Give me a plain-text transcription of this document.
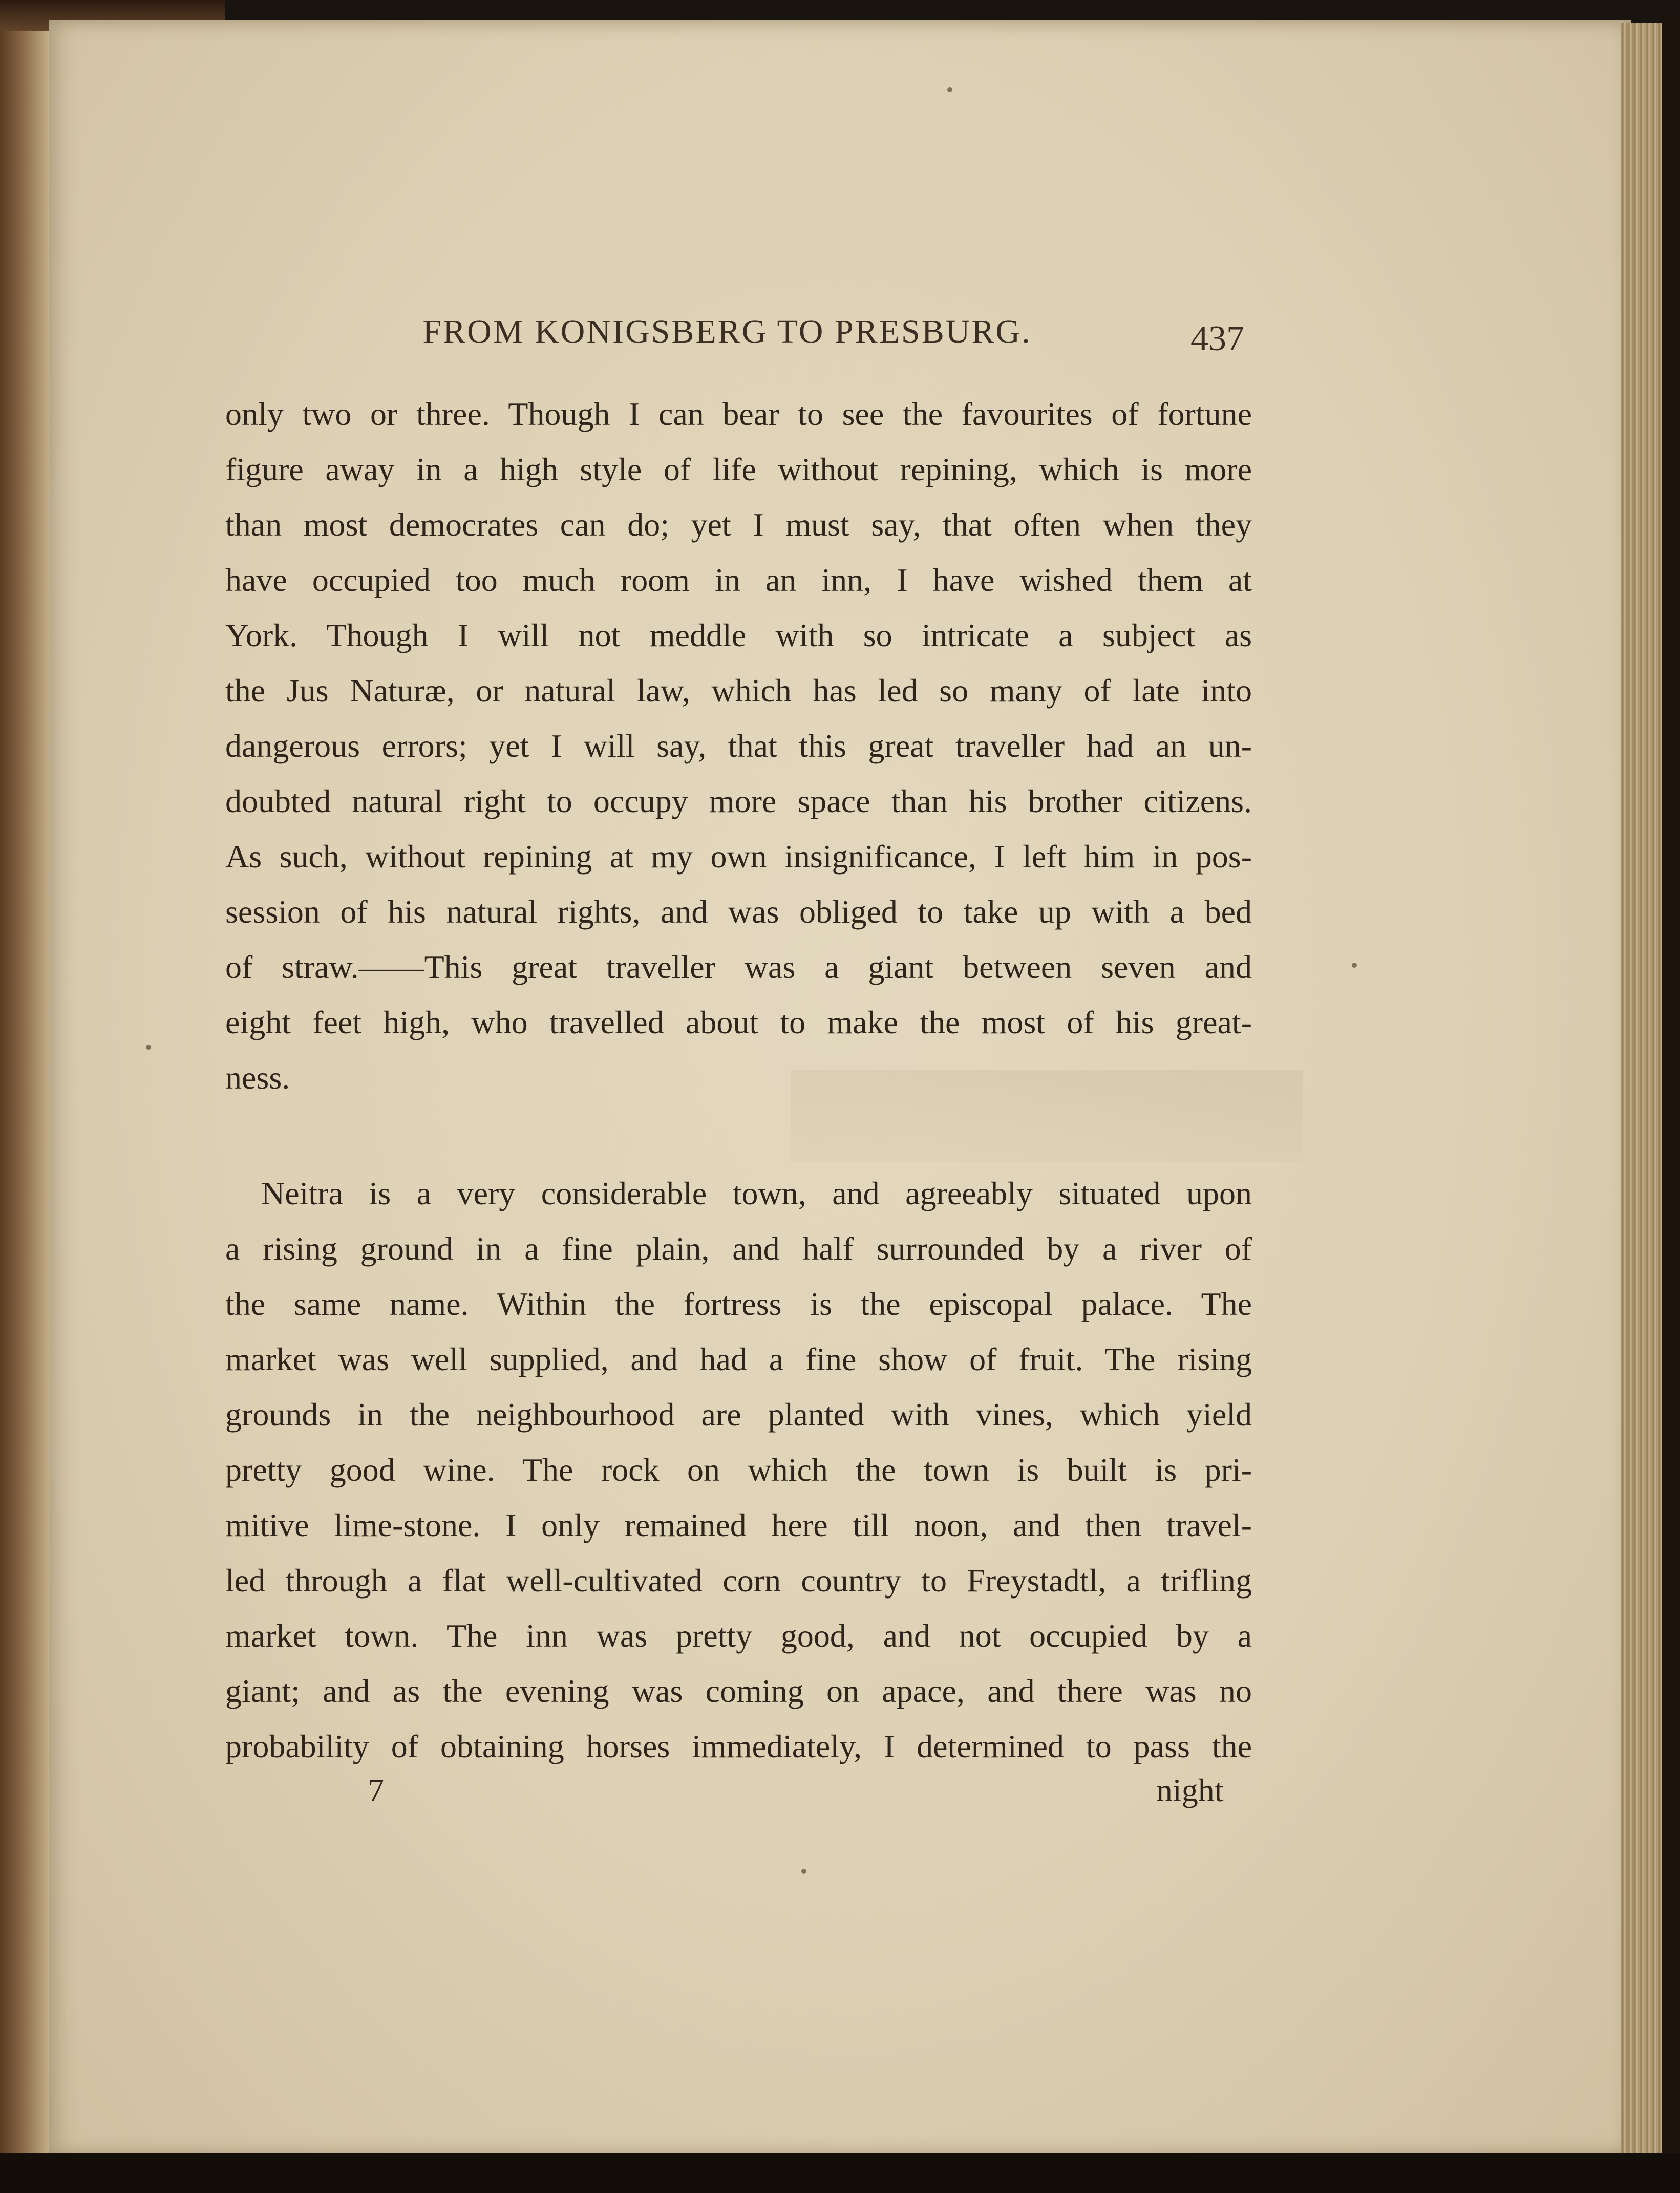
FROM KONIGSBERG TO PRESBURG.	437
only two or three. Though I can bear to see the favourites of fortune
figure away in a high style of life without repining, which is more
than most democrates can do; yet I must say, that often when they
have occupied too much room in an inn, I have wished them at
York. Though I will not meddle with so intricate a subject as
the Jus Naturæ, or natural law, which has led so many of late into
dangerous errors; yet I will say, that this great traveller had an un-
doubted natural right to occupy more space than his brother citizens.
As such, without repining at my own insignificance, I left him in pos-
session of his natural rights, and was obliged to take up with a bed
of straw.——This great traveller was a giant between seven and
eight feet high, who travelled about to make the most of his great-
ness.
Neitra is a very considerable town, and agreeably situated upon
a rising ground in a fine plain, and half surrounded by a river of
the same name. Within the fortress is the episcopal palace. The
market was well supplied, and had a fine show of fruit. The rising
grounds in the neighbourhood are planted with vines, which yield
pretty good wine. The rock on which the town is built is pri-
mitive lime-stone. I only remained here till noon, and then travel-
led through a flat well-cultivated corn country to Freystadtl, a trifling
market town. The inn was pretty good, and not occupied by a
giant; and as the evening was coming on apace, and there was no
probability of obtaining horses immediately, I determined to pass the
7	night
